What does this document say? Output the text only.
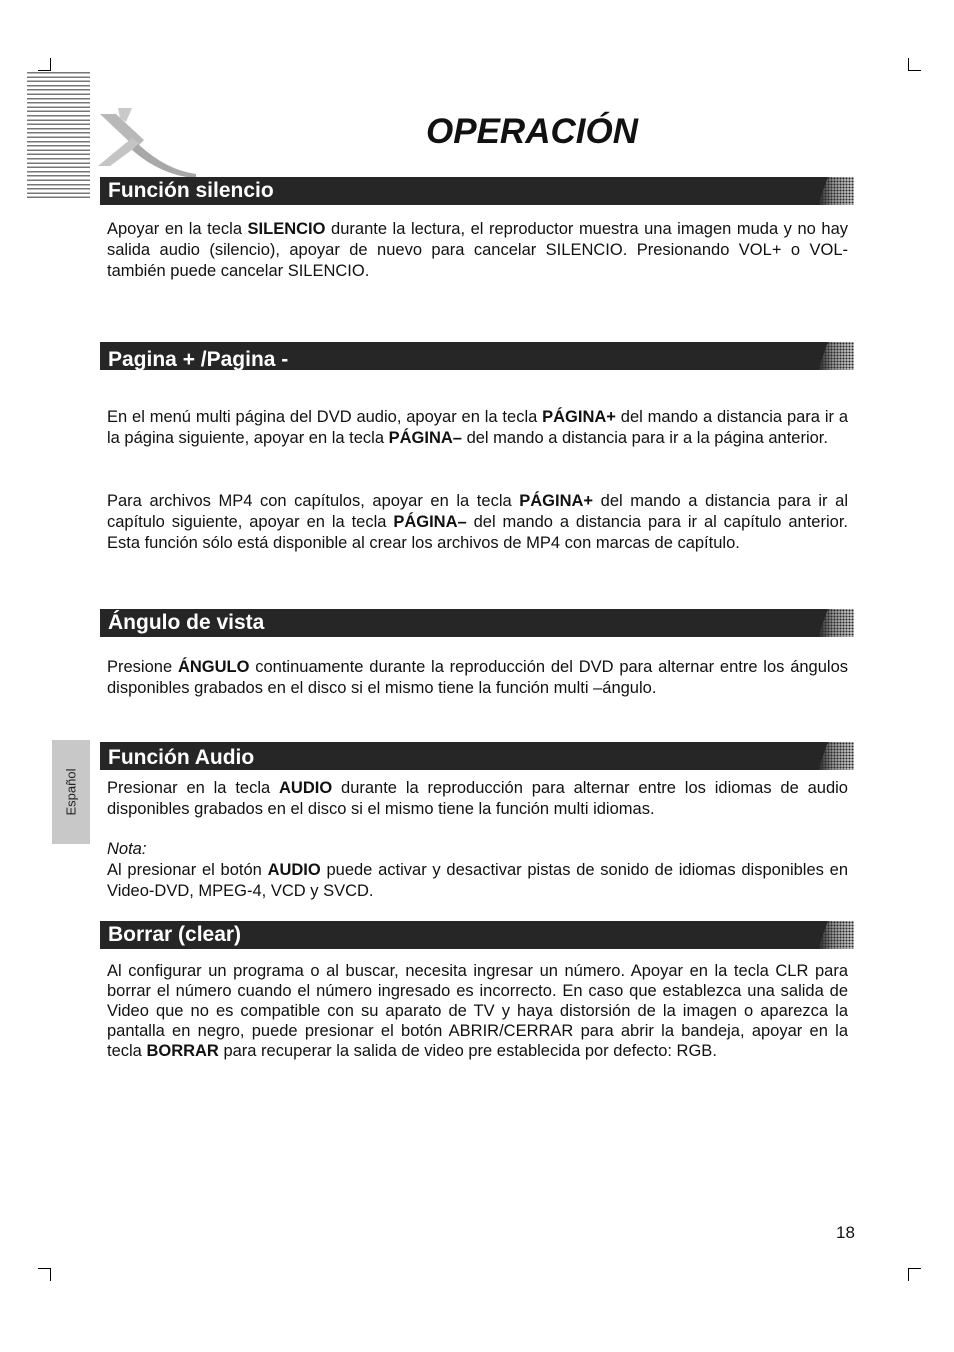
OPERACIÓN
Función silencio

Apoyar en la tecla SILENCIO durante la lectura, el reproductor muestra una imagen muda y no hay salida audio (silencio), apoyar de nuevo para cancelar SILENCIO. Presionando VOL+ o VOL- también puede cancelar SILENCIO.

Pagina + /Pagina -

En el menú multi página del DVD audio, apoyar en la tecla PÁGINA+ del mando a distancia para ir a la página siguiente, apoyar en la tecla PÁGINA– del mando a distancia para ir a la página anterior.

Para archivos MP4 con capítulos, apoyar en la tecla PÁGINA+ del mando a distancia para ir al capítulo siguiente, apoyar en la tecla PÁGINA– del mando a distancia para ir al capítulo anterior. Esta función sólo está disponible al crear los archivos de MP4 con marcas de capítulo.

Ángulo de vista

Presione ÁNGULO continuamente durante la reproducción del DVD para alternar entre los ángulos disponibles grabados en el disco si el mismo tiene la función multi –ángulo.

Español
Función Audio

Presionar en la tecla AUDIO durante la reproducción para alternar entre los idiomas de audio disponibles grabados en el disco si el mismo tiene la función multi idiomas.

Nota:
Al presionar el botón AUDIO puede activar y desactivar pistas de sonido de idiomas disponibles en Video-DVD, MPEG-4, VCD y SVCD.

Borrar (clear)

Al configurar un programa o al buscar, necesita ingresar un número. Apoyar en la tecla CLR para borrar el número cuando el número ingresado es incorrecto. En caso que establezca una salida de Video que no es compatible con su aparato de TV y haya distorsión de la imagen o aparezca la pantalla en negro, puede presionar el botón ABRIR/CERRAR para abrir la bandeja, apoyar en la tecla BORRAR para recuperar la salida de video pre establecida por defecto: RGB.

18
